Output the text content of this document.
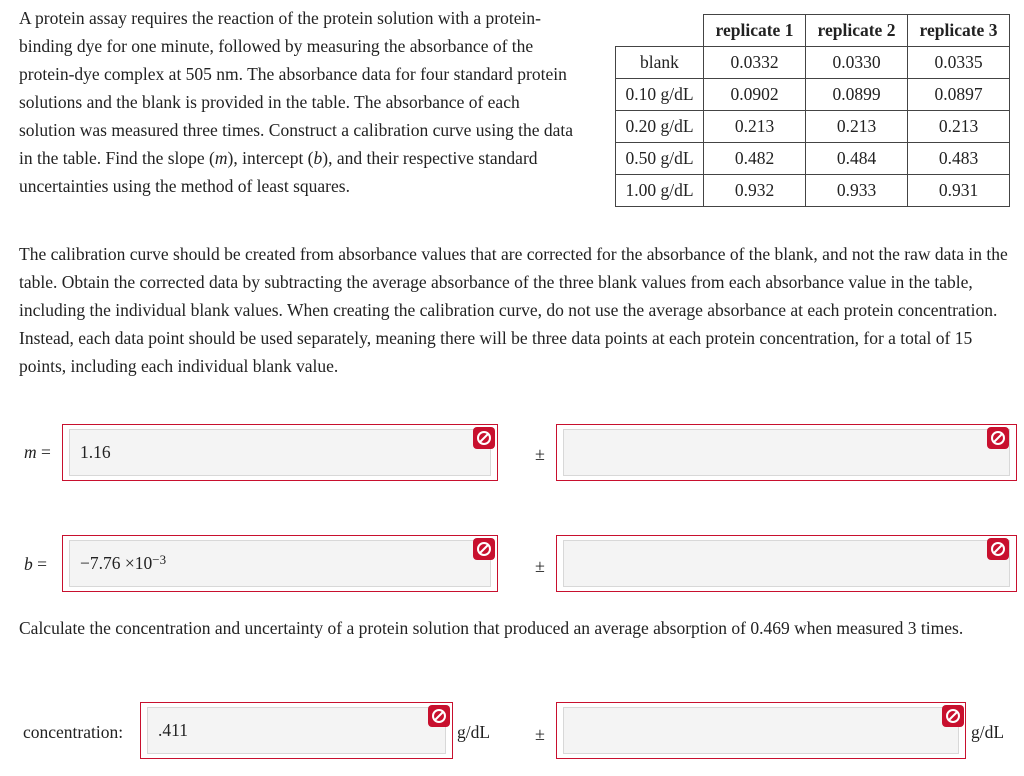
A protein assay requires the reaction of the protein solution with a protein-binding dye for one minute, followed by measuring the absorbance of the protein-dye complex at 505 nm. The absorbance data for four standard protein solutions and the blank is provided in the table. The absorbance of each solution was measured three times. Construct a calibration curve using the data in the table. Find the slope (m), intercept (b), and their respective standard uncertainties using the method of least squares.

	replicate 1	replicate 2	replicate 3
blank	0.0332	0.0330	0.0335
0.10 g/dL	0.0902	0.0899	0.0897
0.20 g/dL	0.213	0.213	0.213
0.50 g/dL	0.482	0.484	0.483
1.00 g/dL	0.932	0.933	0.931

The calibration curve should be created from absorbance values that are corrected for the absorbance of the blank, and not the raw data in the table. Obtain the corrected data by subtracting the average absorbance of the three blank values from each absorbance value in the table, including the individual blank values. When creating the calibration curve, do not use the average absorbance at each protein concentration. Instead, each data point should be used separately, meaning there will be three data points at each protein concentration, for a total of 15 points, including each individual blank value.

m =	1.16	±
$b = -7.76 \times 10^{-3}$	±

Calculate the concentration and uncertainty of a protein solution that produced an average absorption of 0.469 when measured 3 times.

concentration:	.411	g/dL ±	g/dL
